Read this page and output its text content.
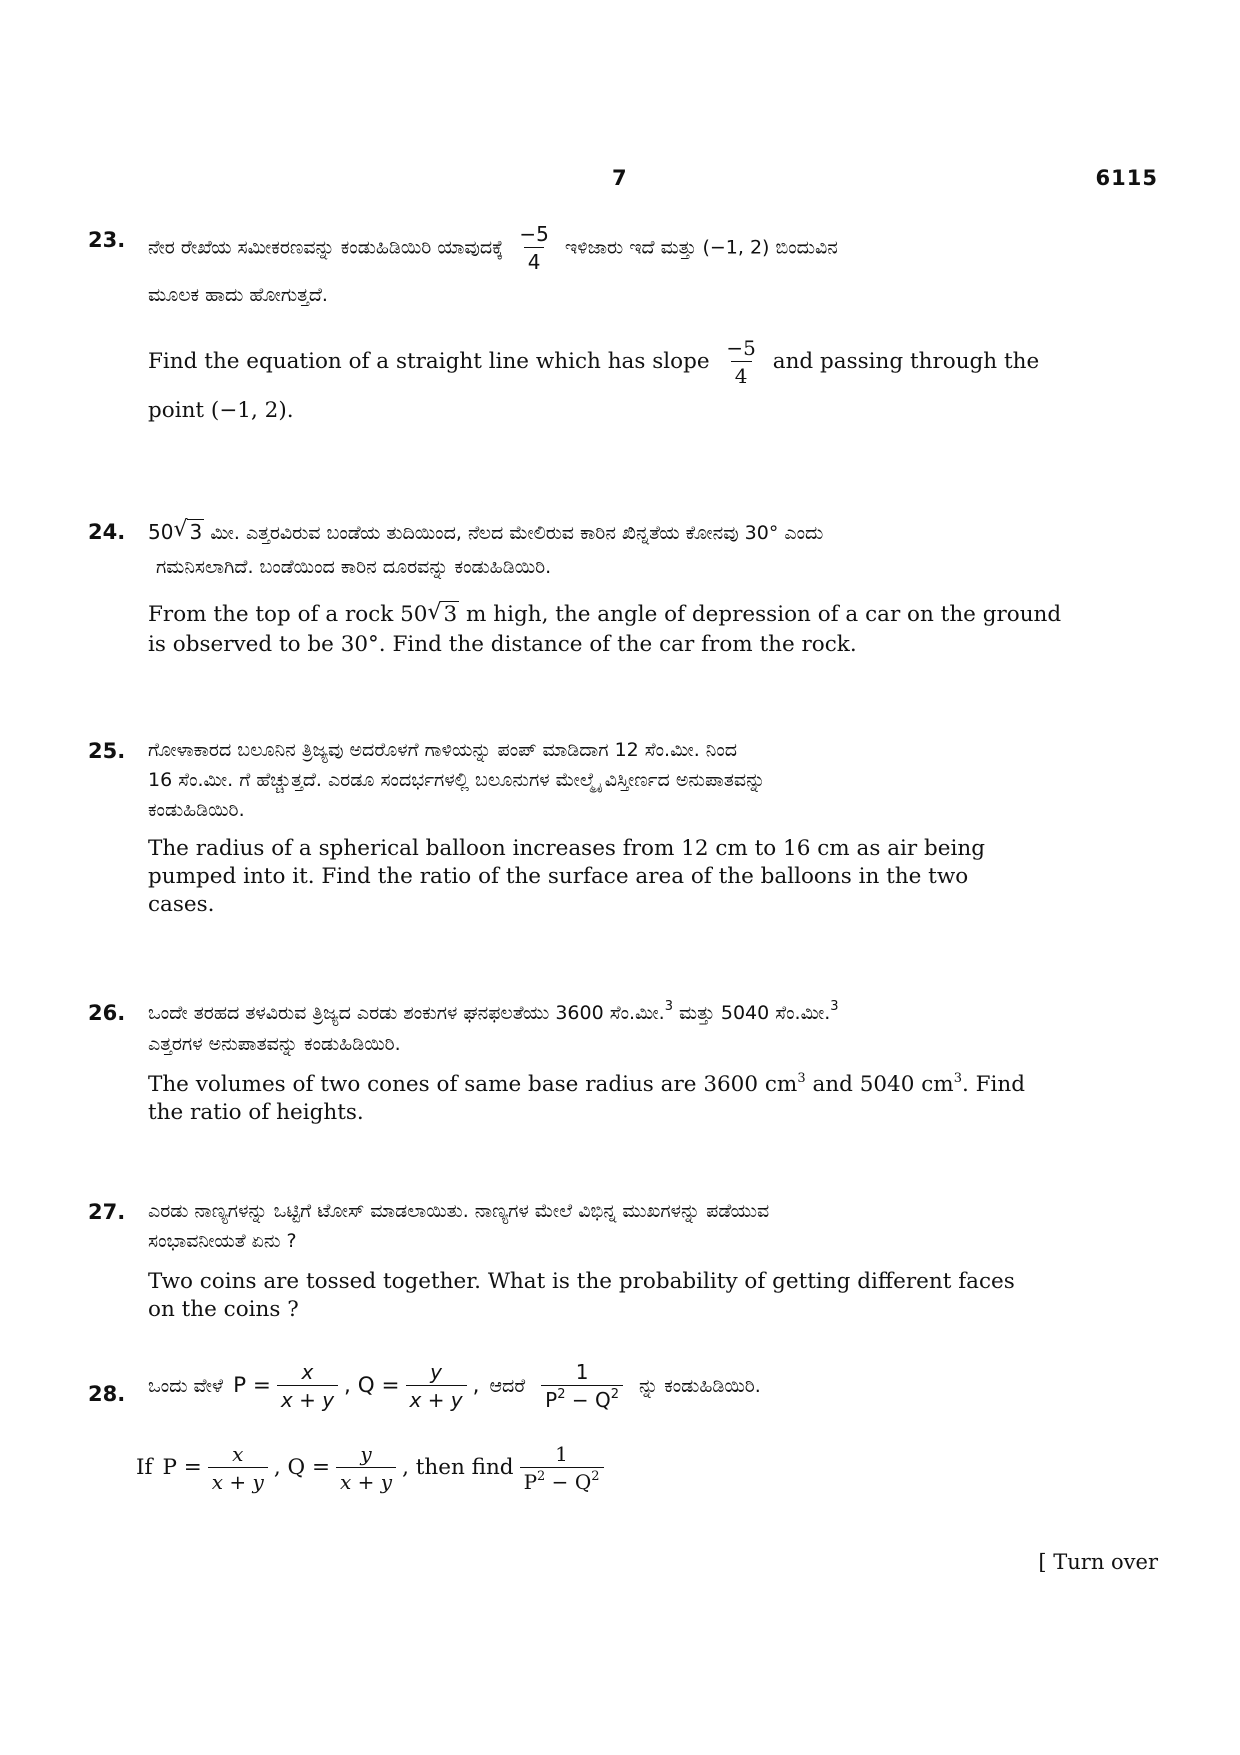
7	6115
23. ನೇರ ರೇಖೆಯ ಸಮೀಕರಣವನ್ನು ಕಂಡುಹಿಡಿಯಿರಿ ಯಾವುದಕ್ಕೆ $\frac{-5}{4}$ ಇಳಿಜಾರು ಇದೆ ಮತ್ತು (−1, 2) ಬಿಂದುವಿನ
ಮೂಲಕ ಹಾದು ಹೋಗುತ್ತದೆ.
Find the equation of a straight line which has slope $\frac{-5}{4}$ and passing through the
point (−1, 2).
24. 50 √ 3 ಮೀ. ಎತ್ತರವಿರುವ ಬಂಡೆಯ ತುದಿಯಿಂದ, ನೆಲದ ಮೇಲಿರುವ ಕಾರಿನ ಖಿನ್ನತೆಯ ಕೋನವು 30° ಎಂದು
ಗಮನಿಸಲಾಗಿದೆ. ಬಂಡೆಯಿಂದ ಕಾರಿನ ದೂರವನ್ನು ಕಂಡುಹಿಡಿಯಿರಿ.
From the top of a rock 50 √ 3 m high, the angle of depression of a car on the ground
is observed to be 30°. Find the distance of the car from the rock.
25. ಗೋಳಾಕಾರದ ಬಲೂನಿನ ತ್ರಿಜ್ಯವು ಅದರೊಳಗೆ ಗಾಳಿಯನ್ನು ಪಂಪ್ ಮಾಡಿದಾಗ 12 ಸೆಂ.ಮೀ. ನಿಂದ
16 ಸೆಂ.ಮೀ. ಗೆ ಹೆಚ್ಚುತ್ತದೆ. ಎರಡೂ ಸಂದರ್ಭಗಳಲ್ಲಿ ಬಲೂನುಗಳ ಮೇಲ್ಮೈ ವಿಸ್ತೀರ್ಣದ ಅನುಪಾತವನ್ನು
ಕಂಡುಹಿಡಿಯಿರಿ.
The radius of a spherical balloon increases from 12 cm to 16 cm as air being
pumped into it. Find the ratio of the surface area of the balloons in the two
cases.
26. ಒಂದೇ ತರಹದ ತಳವಿರುವ ತ್ರಿಜ್ಯದ ಎರಡು ಶಂಕುಗಳ ಘನಫಲತೆಯು 3600 ಸೆಂ.ಮೀ.$^3$ ಮತ್ತು 5040 ಸೆಂ.ಮೀ.$^3$
ಎತ್ತರಗಳ ಅನುಪಾತವನ್ನು ಕಂಡುಹಿಡಿಯಿರಿ.
The volumes of two cones of same base radius are 3600 $cm^3$ and 5040 $cm^3$. Find
the ratio of heights.
27. ಎರಡು ನಾಣ್ಯಗಳನ್ನು ಒಟ್ಟಿಗೆ ಟೋಸ್ ಮಾಡಲಾಯಿತು. ನಾಣ್ಯಗಳ ಮೇಲೆ ವಿಭಿನ್ನ ಮುಖಗಳನ್ನು ಪಡೆಯುವ
ಸಂಭಾವನೀಯತೆ ಏನು ?
Two coins are tossed together. What is the probability of getting different faces
on the coins ?
28. ಒಂದು ವೇಳೆ $P = \frac{x}{x + y}$ , $Q = \frac{y}{x + y}$ , ಆದರೆ $\frac{1}{P^2 - Q^2}$ ನ್ನು ಕಂಡುಹಿಡಿಯಿರಿ.
If $P = \frac{x}{x + y}$ , $Q = \frac{y}{x + y}$ , then find $\frac{1}{P^2 - Q^2}$
[ Turn over
